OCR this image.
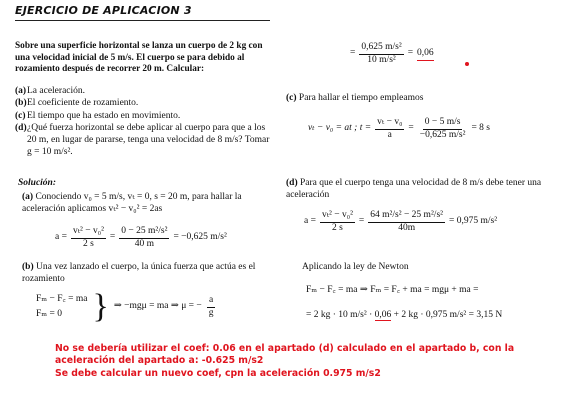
EJERCICIO DE APLICACION 3
Sobre una superficie horizontal se lanza un cuerpo de 2 kg con una velocidad inicial de 5 m/s. El cuerpo se para debido al rozamiento después de recorrer 20 m. Calcular:
(a) La aceleración.
(b) El coeficiente de rozamiento.
(c) El tiempo que ha estado en movimiento.
(d) ¿Qué fuerza horizontal se debe aplicar al cuerpo para que a los 20 m, en lugar de pararse, tenga una velocidad de 8 m/s? Tomar g = 10 m/s².
Solución:
(a) Conociendo v₀ = 5 m/s, vₜ = 0, s = 20 m, para hallar la aceleración aplicamos vₜ² − v₀² = 2as
$a = \frac{\text{vₜ² − v₀²}}{2 s} = \frac{\text{0 − 25 m²/s²}}{40 m} = -0,625$ m/s²
(b) Una vez lanzado el cuerpo, la única fuerza que actúa es el rozamiento
Fₘ − F꜀ = ma
Fₘ = 0 } ⇒ −mgμ = ma ⇒ μ = − $\frac{a}{g}$
= $\frac{\text{0,625 m/s²}}{\text{10 m/s²}} = 0,06$
(c) Para hallar el tiempo empleamos
vₜ − v₀ = at ; $t = \frac{\text{vₜ − v₀}}{a} = \frac{0 - 5 m/s}{\text{−0,625 m/s²}} = 8$ s
(d) Para que el cuerpo tenga una velocidad de 8 m/s debe tener una aceleración
$a = \frac{\text{vₜ² − v₀²}}{2 s} = \frac{\text{64 m²/s² − 25 m²/s²}}{40m} = 0,975$ m/s²
Aplicando la ley de Newton
Fₘ − F꜀ = ma ⇒ Fₘ = F꜀ + ma = mgμ + ma =
= 2 kg · 10 m/s² · 0,06 + 2 kg · 0,975 m/s² = 3,15 N
No se debería utilizar el coef: 0.06 en el apartado (d) calculado en el apartado b, con la aceleración del apartado a: -0.625 m/s2
Se debe calcular un nuevo coef, cpn la aceleración 0.975 m/s2
